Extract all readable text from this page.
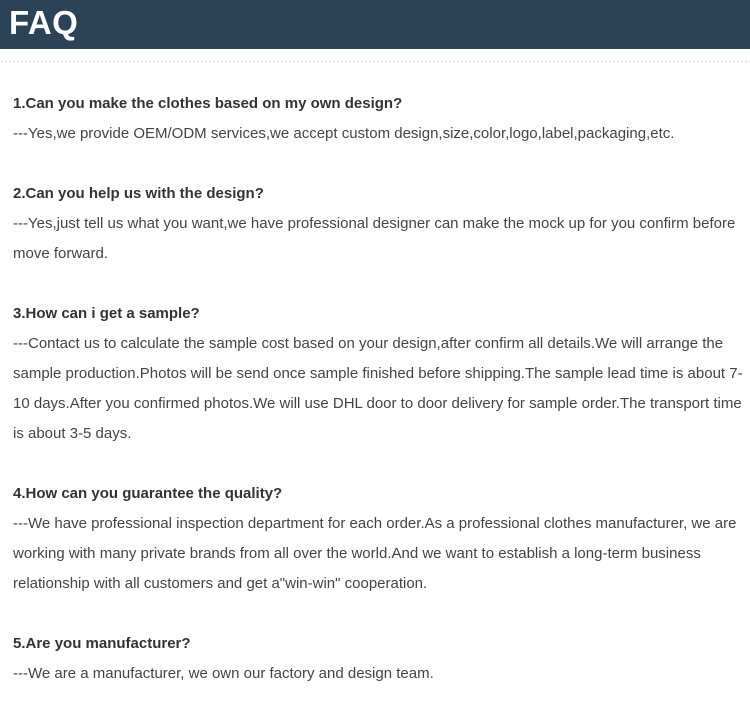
FAQ
1.Can you make the clothes based on my own design?
---Yes,we provide OEM/ODM services,we accept custom design,size,color,logo,label,packaging,etc.
2.Can you help us with the design?
---Yes,just tell us what you want,we have professional designer can make the mock up for you confirm before move forward.
3.How can i get a sample?
---Contact us to calculate the sample cost based on your design,after confirm all details.We will arrange the sample production.Photos will be send once sample finished before shipping.The sample lead time is about 7-10 days.After you confirmed photos.We will use DHL door to door delivery for sample order.The transport time is about 3-5 days.
4.How can you guarantee the quality?
---We have professional inspection department for each order.As a professional clothes manufacturer, we are working with many private brands from all over the world.And we want to establish a long-term business relationship with all customers and get a"win-win" cooperation.
5.Are you manufacturer?
---We are a manufacturer, we own our factory and design team.
